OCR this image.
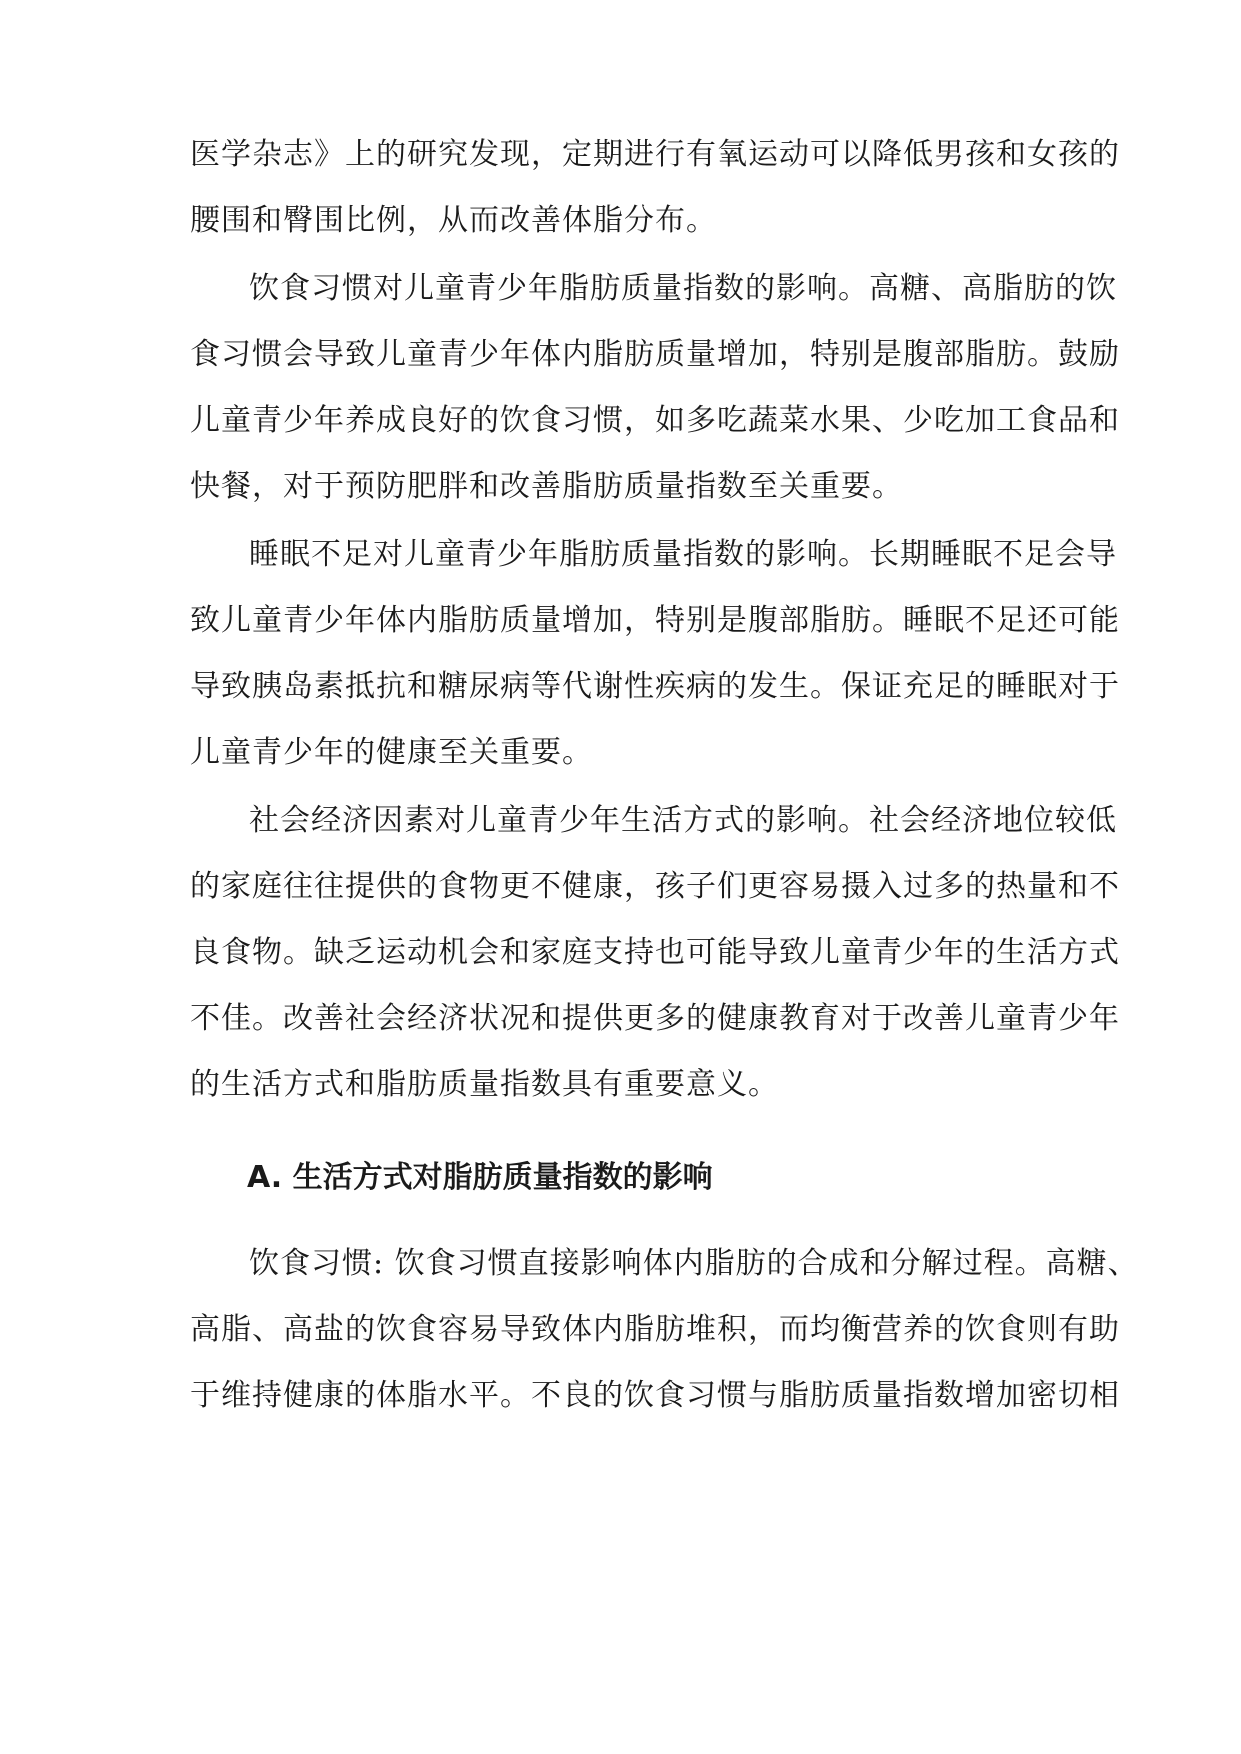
医学杂志》上的研究发现，定期进行有氧运动可以降低男孩和女孩的
腰围和臀围比例，从而改善体脂分布。
饮食习惯对儿童青少年脂肪质量指数的影响。高糖、高脂肪的饮
食习惯会导致儿童青少年体内脂肪质量增加，特别是腹部脂肪。鼓励
儿童青少年养成良好的饮食习惯，如多吃蔬菜水果、少吃加工食品和
快餐，对于预防肥胖和改善脂肪质量指数至关重要。
睡眠不足对儿童青少年脂肪质量指数的影响。长期睡眠不足会导
致儿童青少年体内脂肪质量增加，特别是腹部脂肪。睡眠不足还可能
导致胰岛素抵抗和糖尿病等代谢性疾病的发生。保证充足的睡眠对于
儿童青少年的健康至关重要。
社会经济因素对儿童青少年生活方式的影响。社会经济地位较低
的家庭往往提供的食物更不健康，孩子们更容易摄入过多的热量和不
良食物。缺乏运动机会和家庭支持也可能导致儿童青少年的生活方式
不佳。改善社会经济状况和提供更多的健康教育对于改善儿童青少年
的生活方式和脂肪质量指数具有重要意义。
A. 生活方式对脂肪质量指数的影响
饮食习惯: 饮食习惯直接影响体内脂肪的合成和分解过程。高糖、
高脂、高盐的饮食容易导致体内脂肪堆积，而均衡营养的饮食则有助
于维持健康的体脂水平。不良的饮食习惯与脂肪质量指数增加密切相
